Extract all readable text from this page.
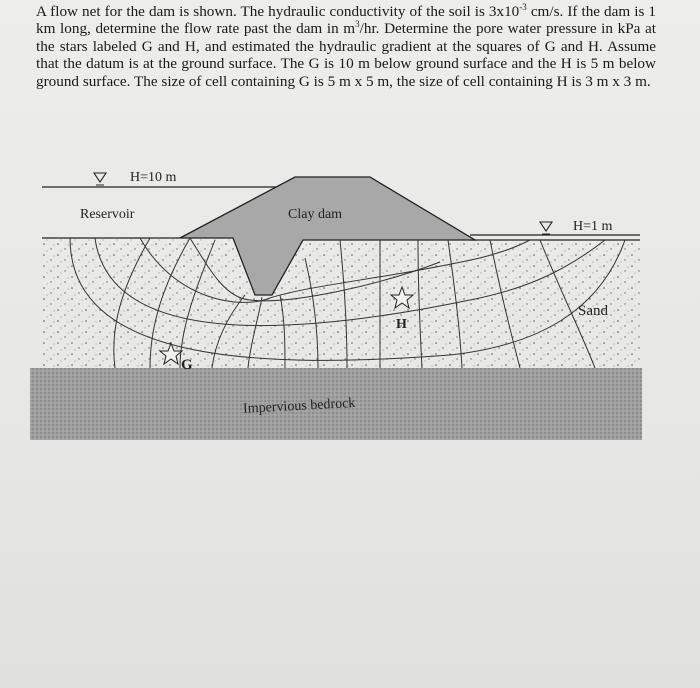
A flow net for the dam is shown. The hydraulic conductivity of the soil is $3x10^{-3}$ cm/s. If the dam is 1 km long, determine the flow rate past the dam in $m^3/hr$. Determine the pore water pressure in kPa at the stars labeled G and H, and estimated the hydraulic gradient at the squares of G and H. Assume that the datum is at the ground surface. The G is 10 m below ground surface and the H is 5 m below ground surface. The size of cell containing G is 5 m x 5 m, the size of cell containing H is 3 m x 3 m.

H=10 m
Reservoir	Clay dam
H=1 m
Sand
Impervious bedrock
G
H
